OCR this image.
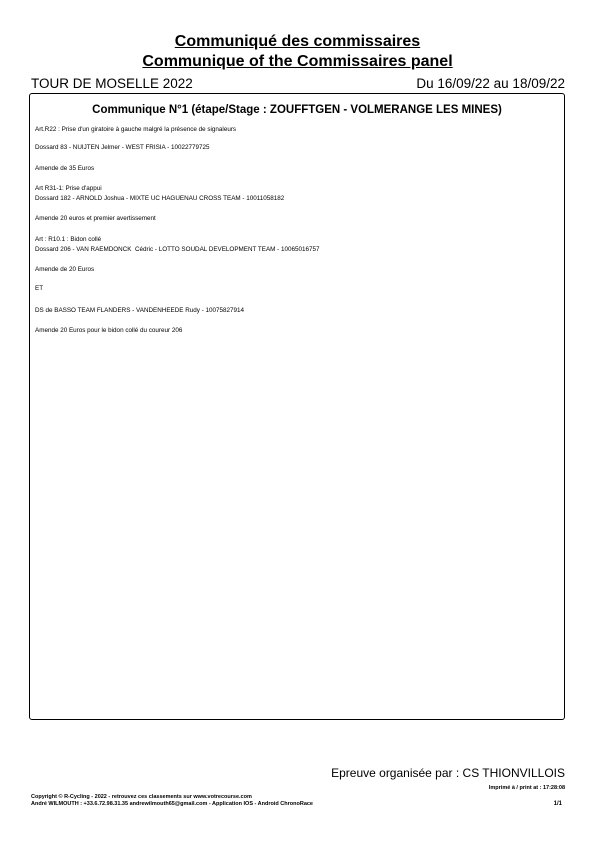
Communiqué des commissaires
Communique of the Commissaires panel
TOUR DE MOSELLE 2022	Du 16/09/22 au 18/09/22
Communique N°1 (étape/Stage : ZOUFFTGEN - VOLMERANGE LES MINES)
Art.R22 : Prise d'un giratoire à gauche malgré la présence de signaleurs
Dossard 83 - NUIJTEN Jelmer - WEST FRISIA - 10022779725
Amende de 35 Euros
Art R31-1: Prise d'appui
Dossard 182 - ARNOLD Joshua - MIXTE UC HAGUENAU CROSS TEAM - 10011058182
Amende 20 euros et premier avertissement
Art : R10.1 : Bidon collé
Dossard 206 - VAN RAEMDONCK  Cédric - LOTTO SOUDAL DEVELOPMENT TEAM - 10065016757
Amende de 20 Euros
ET
DS de BASSO TEAM FLANDERS - VANDENHEEDE Rudy - 10075827914
Amende 20 Euros pour le bidon collé du coureur 206
Epreuve organisée par : CS THIONVILLOIS
Imprimé à / print at : 17:28:08
Copyright © R-Cycling - 2022 - retrouvez ces classements sur www.votrecourse.com
André WILMOUTH : +33.6.72.98.31.35 andrewilmouth65@gmail.com - Application IOS - Android ChronoRace	1/1
